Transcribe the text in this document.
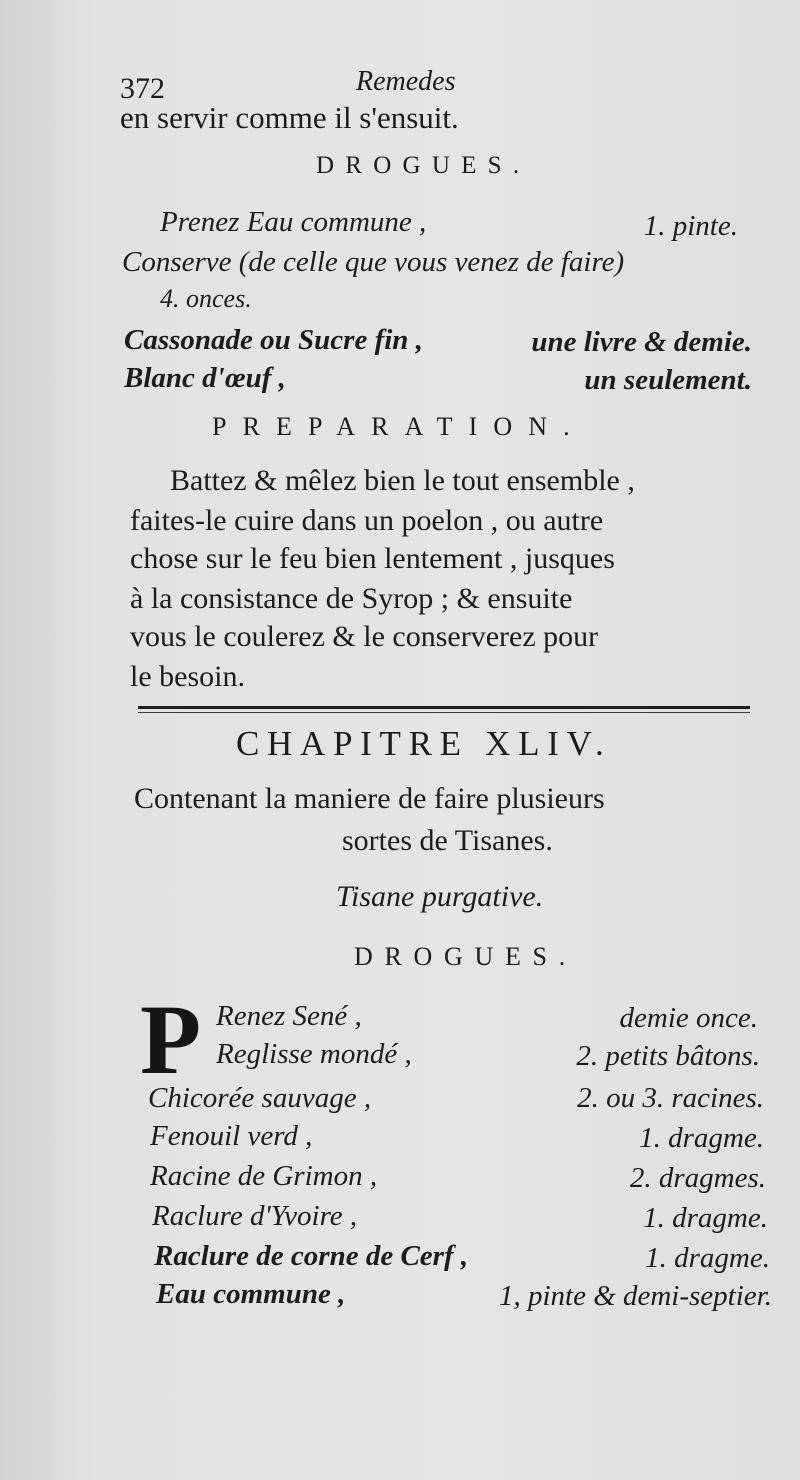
372	Remedes
en servir comme il s'ensuit.
DROGUES.
Prenez Eau commune ,	1. pinte.
Conserve (de celle que vous venez de faire)
4. onces.
Cassonade ou Sucre fin ,	une livre & demie.
Blanc d'œuf ,	un seulement.
PREPARATION.
Battez & mêlez bien le tout ensemble ,
faites-le cuire dans un poelon , ou autre
chose sur le feu bien lentement , jusques
à la consistance de Syrop ; & ensuite
vous le coulerez & le conserverez pour
le besoin.
CHAPITRE XLIV.
Contenant la maniere de faire plusieurs
sortes de Tisanes.
Tisane purgative.
DROGUES.
P Renez Sené ,	demie once.
Reglisse mondé ,	2. petits bâtons.
Chicorée sauvage ,	2. ou 3. racines.
Fenouil verd ,	1. dragme.
Racine de Grimon ,	2. dragmes.
Raclure d'Yvoire ,	1. dragme.
Raclure de corne de Cerf ,	1. dragme.
Eau commune ,	1, pinte & demi-septier.
